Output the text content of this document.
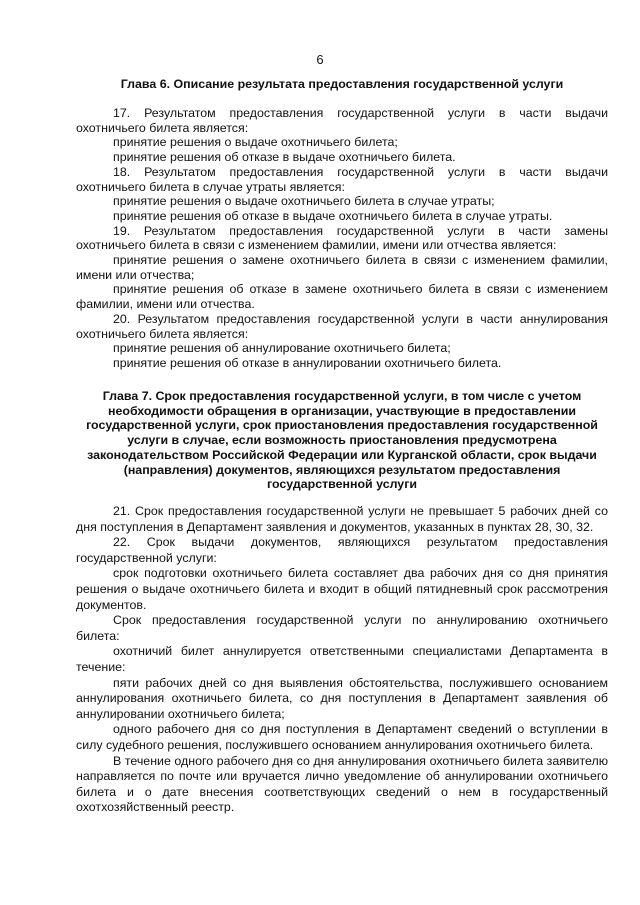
6
Глава 6. Описание результата предоставления государственной услуги

17. Результатом предоставления государственной услуги в части выдачи охотничьего билета является:

принятие решения о выдаче охотничьего билета;

принятие решения об отказе в выдаче охотничьего билета.

18. Результатом предоставления государственной услуги в части выдачи охотничьего билета в случае утраты является:

принятие решения о выдаче охотничьего билета в случае утраты;

принятие решения об отказе в выдаче охотничьего билета в случае утраты.

19. Результатом предоставления государственной услуги в части замены охотничьего билета в связи с изменением фамилии, имени или отчества является:

принятие решения о замене охотничьего билета в связи с изменением фамилии, имени или отчества;

принятие решения об отказе в замене охотничьего билета в связи с изменением фамилии, имени или отчества.

20. Результатом предоставления государственной услуги в части аннулирования охотничьего билета является:

принятие решения об аннулирование охотничьего билета;

принятие решения об отказе в аннулировании охотничьего билета.

Глава 7. Срок предоставления государственной услуги, в том числе с учетом необходимости обращения в организации, участвующие в предоставлении государственной услуги, срок приостановления предоставления государственной услуги в случае, если возможность приостановления предусмотрена законодательством Российской Федерации или Курганской области, срок выдачи (направления) документов, являющихся результатом предоставления государственной услуги

21. Срок предоставления государственной услуги не превышает 5 рабочих дней со дня поступления в Департамент заявления и документов, указанных в пунктах 28, 30, 32.

22. Срок выдачи документов, являющихся результатом предоставления государственной услуги:

срок подготовки охотничьего билета составляет два рабочих дня со дня принятия решения о выдаче охотничьего билета и входит в общий пятидневный срок рассмотрения документов.

Срок предоставления государственной услуги по аннулированию охотничьего билета:

охотничий билет аннулируется ответственными специалистами Департамента в течение:

пяти рабочих дней со дня выявления обстоятельства, послужившего основанием аннулирования охотничьего билета, со дня поступления в Департамент заявления об аннулировании охотничьего билета;

одного рабочего дня со дня поступления в Департамент сведений о вступлении в силу судебного решения, послужившего основанием аннулирования охотничьего билета.

В течение одного рабочего дня со дня аннулирования охотничьего билета заявителю направляется по почте или вручается лично уведомление об аннулировании охотничьего билета и о дате внесения соответствующих сведений о нем в государственный охотхозяйственный реестр.
